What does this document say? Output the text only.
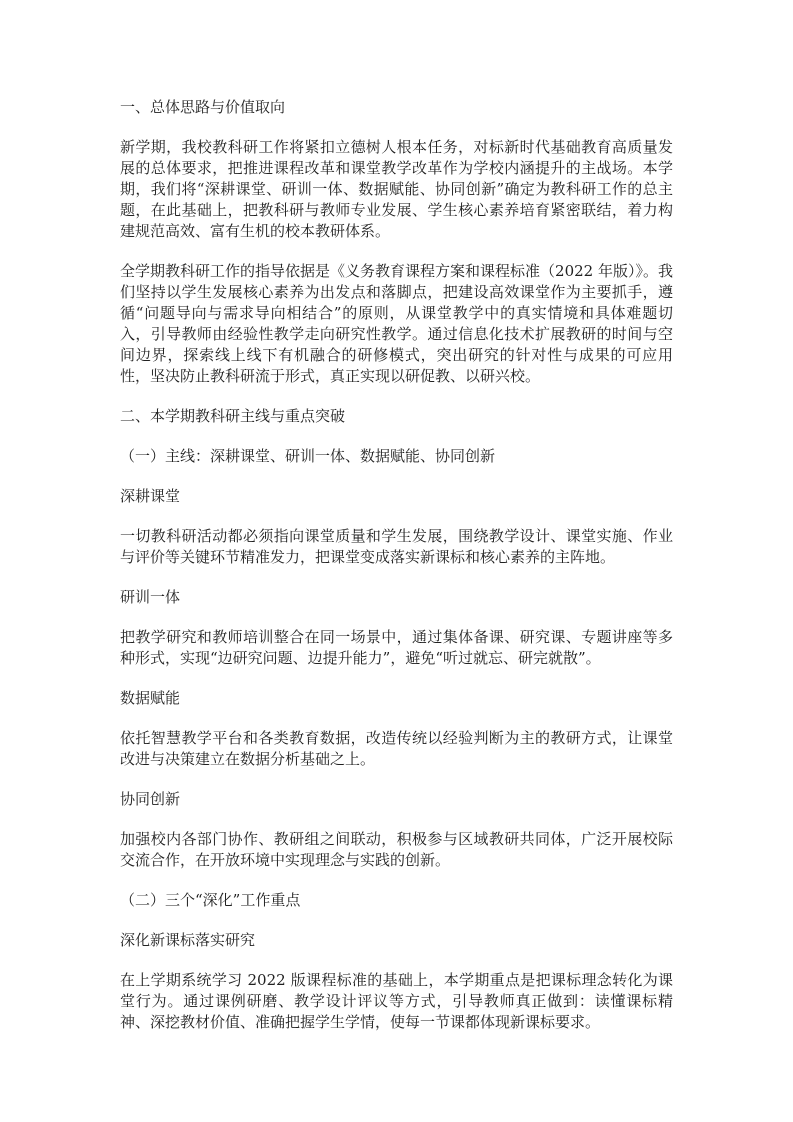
一、总体思路与价值取向

新学期，我校教科研工作将紧扣立德树人根本任务，对标新时代基础教育高质量发展的总体要求，把推进课程改革和课堂教学改革作为学校内涵提升的主战场。本学期，我们将“深耕课堂、研训一体、数据赋能、协同创新”确定为教科研工作的总主题，在此基础上，把教科研与教师专业发展、学生核心素养培育紧密联结，着力构建规范高效、富有生机的校本教研体系。

全学期教科研工作的指导依据是《义务教育课程方案和课程标准（2022 年版）》。我们坚持以学生发展核心素养为出发点和落脚点，把建设高效课堂作为主要抓手，遵循“问题导向与需求导向相结合”的原则，从课堂教学中的真实情境和具体难题切入，引导教师由经验性教学走向研究性教学。通过信息化技术扩展教研的时间与空间边界，探索线上线下有机融合的研修模式，突出研究的针对性与成果的可应用性，坚决防止教科研流于形式，真正实现以研促教、以研兴校。

二、本学期教科研主线与重点突破
（一）主线：深耕课堂、研训一体、数据赋能、协同创新
深耕课堂

一切教科研活动都必须指向课堂质量和学生发展，围绕教学设计、课堂实施、作业与评价等关键环节精准发力，把课堂变成落实新课标和核心素养的主阵地。

研训一体

把教学研究和教师培训整合在同一场景中，通过集体备课、研究课、专题讲座等多种形式，实现“边研究问题、边提升能力”，避免“听过就忘、研完就散”。

数据赋能

依托智慧教学平台和各类教育数据，改造传统以经验判断为主的教研方式，让课堂改进与决策建立在数据分析基础之上。

协同创新

加强校内各部门协作、教研组之间联动，积极参与区域教研共同体，广泛开展校际交流合作，在开放环境中实现理念与实践的创新。

（二）三个“深化”工作重点
深化新课标落实研究

在上学期系统学习 2022 版课程标准的基础上，本学期重点是把课标理念转化为课堂行为。通过课例研磨、教学设计评议等方式，引导教师真正做到：读懂课标精神、深挖教材价值、准确把握学生学情，使每一节课都体现新课标要求。
